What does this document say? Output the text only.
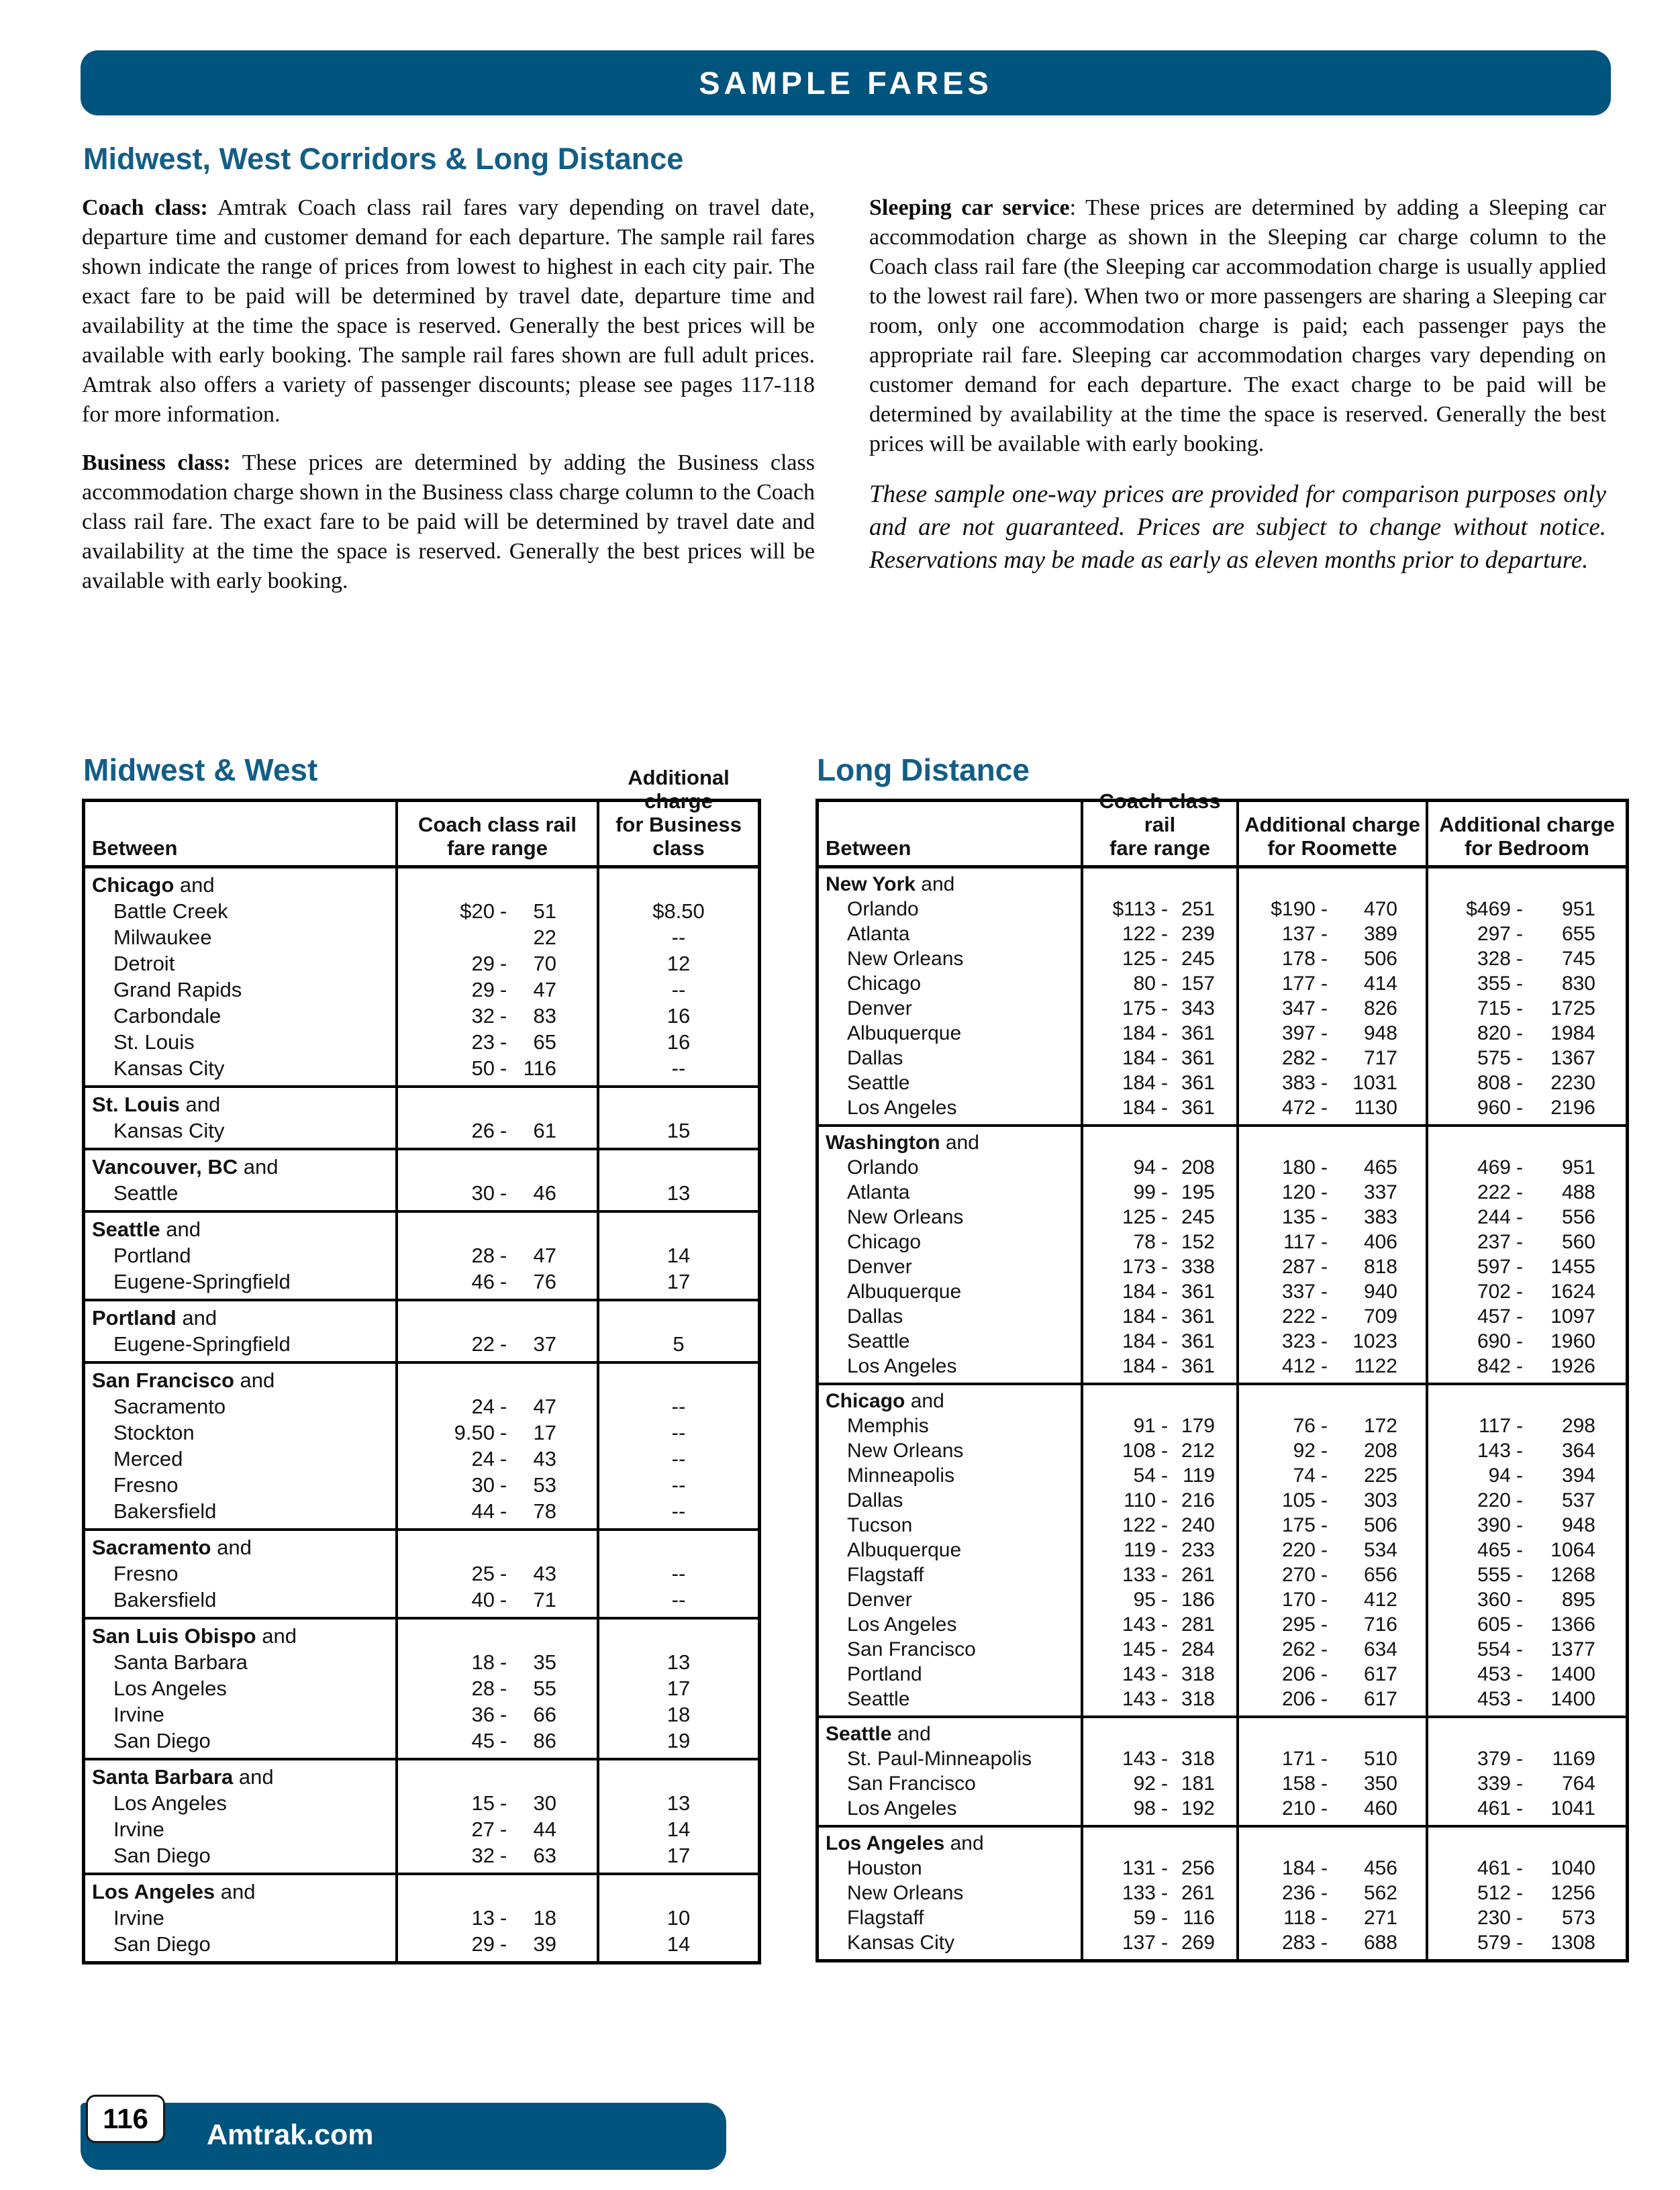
SAMPLE FARES
Midwest, West Corridors & Long Distance

Coach class: Amtrak Coach class rail fares vary depending on travel date, departure time and customer demand for each departure. The sample rail fares shown indicate the range of prices from lowest to highest in each city pair. The exact fare to be paid will be determined by travel date, departure time and availability at the time the space is reserved. Generally the best prices will be available with early booking. The sample rail fares shown are full adult prices. Amtrak also offers a variety of passenger discounts; please see pages 117-118 for more information.

Business class: These prices are determined by adding the Business class accommodation charge shown in the Business class charge column to the Coach class rail fare. The exact fare to be paid will be determined by travel date and availability at the time the space is reserved. Generally the best prices will be available with early booking.

Sleeping car service: These prices are determined by adding a Sleeping car accommodation charge as shown in the Sleeping car charge column to the Coach class rail fare (the Sleeping car accommodation charge is usually applied to the lowest rail fare). When two or more passengers are sharing a Sleeping car room, only one accommodation charge is paid; each passenger pays the appropriate rail fare. Sleeping car accommodation charges vary depending on customer demand for each departure. The exact charge to be paid will be determined by availability at the time the space is reserved. Generally the best prices will be available with early booking.

These sample one-way prices are provided for comparison purposes only and are not guaranteed. Prices are subject to change without notice. Reservations may be made as early as eleven months prior to departure.

Midwest & West
Between
Coach class rail
fare range
Additional charge
for Business class
Chicago and
Battle Creek	$20 -	51	$8.50
Milwaukee	22	--
Detroit	29 -	70	12
Grand Rapids	29 -	47	--
Carbondale	32 -	83	16
St. Louis	23 -	65	16
Kansas City	50 - 116	--
St. Louis and
Kansas City	26 -	61	15
Vancouver, BC and
Seattle	30 -	46	13
Seattle and
Portland	28 -	47	14
Eugene-Springfield	46 -	76	17
Portland and
Eugene-Springfield	22 -	37	5
San Francisco and
Sacramento	24 -	47	--
Stockton	9.50 -	17	--
Merced	24 -	43	--
Fresno	30 -	53	--
Bakersfield	44 -	78	--
Sacramento and
Fresno	25 -	43	--
Bakersfield	40 -	71	--
San Luis Obispo and
Santa Barbara	18 -	35	13
Los Angeles	28 -	55	17
Irvine	36 -	66	18
San Diego	45 -	86	19
Santa Barbara and
Los Angeles	15 -	30	13
Irvine	27 -	44	14
San Diego	32 -	63	17
Los Angeles and
Irvine	13 -	18	10
San Diego	29 -	39	14
Long Distance
Between
Coach class rail
fare range
Additional charge
for Roomette
Additional charge
for Bedroom
New York and
Orlando	$113 - 251	$190 -	470	$469 -	951
Atlanta	122 - 239	137 -	389	297 -	655
New Orleans	125 - 245	178 -	506	328 -	745
Chicago	80 - 157	177 -	414	355 -	830
Denver	175 - 343	347 -	826	715 -	1725
Albuquerque	184 - 361	397 -	948	820 -	1984
Dallas	184 - 361	282 -	717	575 -	1367
Seattle	184 - 361	383 -	1031	808 -	2230
Los Angeles	184 - 361	472 -	1130	960 -	2196
Washington and
Orlando	94 - 208	180 -	465	469 -	951
Atlanta	99 - 195	120 -	337	222 -	488
New Orleans	125 - 245	135 -	383	244 -	556
Chicago	78 - 152	117 -	406	237 -	560
Denver	173 - 338	287 -	818	597 -	1455
Albuquerque	184 - 361	337 -	940	702 -	1624
Dallas	184 - 361	222 -	709	457 -	1097
Seattle	184 - 361	323 -	1023	690 -	1960
Los Angeles	184 - 361	412 -	1122	842 -	1926
Chicago and
Memphis	91 - 179	76 -	172	117 -	298
New Orleans	108 - 212	92 -	208	143 -	364
Minneapolis	54 - 119	74 -	225	94 -	394
Dallas	110 - 216	105 -	303	220 -	537
Tucson	122 - 240	175 -	506	390 -	948
Albuquerque	119 - 233	220 -	534	465 -	1064
Flagstaff	133 - 261	270 -	656	555 -	1268
Denver	95 - 186	170 -	412	360 -	895
Los Angeles	143 - 281	295 -	716	605 -	1366
San Francisco	145 - 284	262 -	634	554 -	1377
Portland	143 - 318	206 -	617	453 -	1400
Seattle	143 - 318	206 -	617	453 -	1400
Seattle and
St. Paul-Minneapolis	143 - 318	171 -	510	379 -	1169
San Francisco	92 - 181	158 -	350	339 -	764
Los Angeles	98 - 192	210 -	460	461 -	1041
Los Angeles and
Houston	131 - 256	184 -	456	461 -	1040
New Orleans	133 - 261	236 -	562	512 -	1256
Flagstaff	59 - 116	118 -	271	230 -	573
Kansas City	137 - 269	283 -	688	579 -	1308
116
Amtrak.com
